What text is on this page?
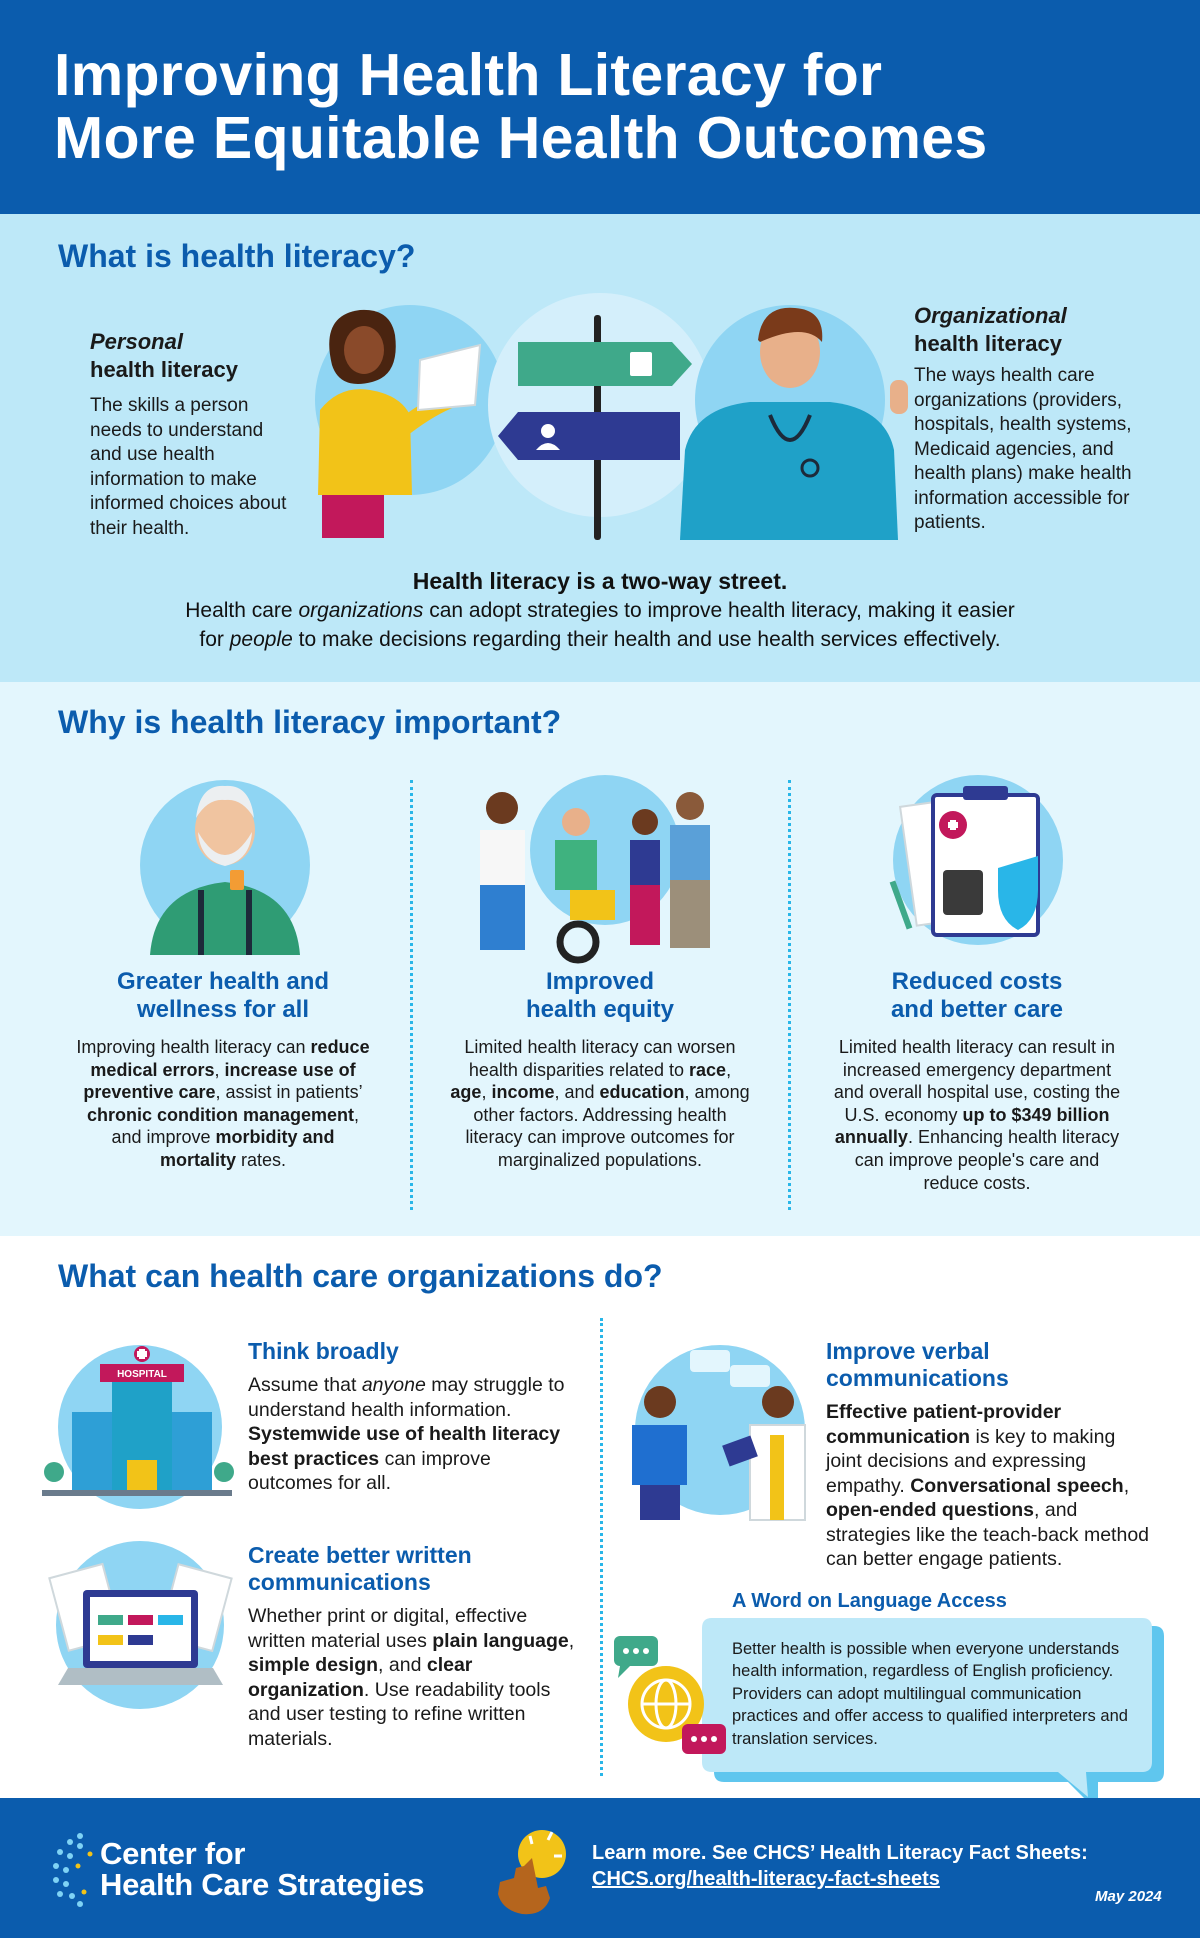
Improving Health Literacy for
More Equitable Health Outcomes
What is health literacy?
Personal
health literacy
The skills a person needs to understand and use health information to make informed choices about their health.
Organizational
health literacy
The ways health care organizations (providers, hospitals, health systems, Medicaid agencies, and health plans) make health information accessible for patients.
Health literacy is a two-way street.
Health care organizations can adopt strategies to improve health literacy, making it easier
for people to make decisions regarding their health and use health services effectively.
Why is health literacy important?
Greater health and
wellness for all
Improving health literacy can reduce medical errors, increase use of preventive care, assist in patients’ chronic condition management, and improve morbidity and mortality rates.
Improved
health equity
Limited health literacy can worsen health disparities related to race, age, income, and education, among other factors. Addressing health literacy can improve outcomes for marginalized populations.
Reduced costs
and better care
Limited health literacy can result in increased emergency department and overall hospital use, costing the U.S. economy up to $349 billion annually. Enhancing health literacy can improve people's care and reduce costs.
What can health care organizations do?
HOSPITAL
Think broadly
Assume that anyone may struggle to understand health information. Systemwide use of health literacy best practices can improve outcomes for all.
Create better written
communications
Whether print or digital, effective written material uses plain language, simple design, and clear organization. Use readability tools and user testing to refine written materials.
Improve verbal
communications
Effective patient-provider communication is key to making joint decisions and expressing empathy. Conversational speech, open-ended questions, and strategies like the teach-back method can better engage patients.
A Word on Language Access
Better health is possible when everyone understands health information, regardless of English proficiency. Providers can adopt multilingual communication practices and offer access to qualified interpreters and translation services.
Center for
Health Care Strategies
Learn more. See CHCS’ Health Literacy Fact Sheets:
CHCS.org/health-literacy-fact-sheets
May 2024
